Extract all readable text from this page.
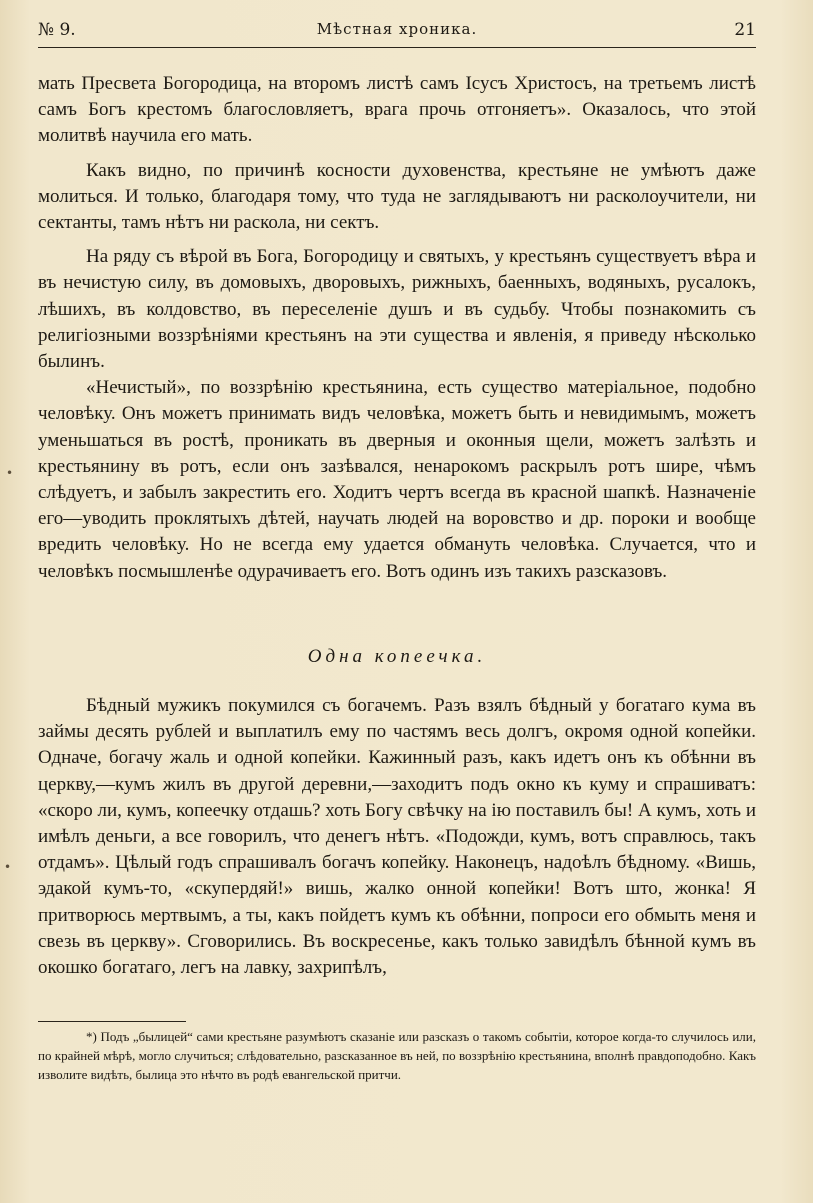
№ 9.	Мѣстная хроника.	21

мать Пресвета Богородица, на второмъ листѣ самъ Iсусъ Христосъ, на третьемъ листѣ самъ Богъ крестомъ благословляетъ, врага прочь отгоняетъ». Оказалось, что этой молитвѣ научила его мать.

Какъ видно, по причинѣ косности духовенства, крестьяне не умѣютъ даже молиться. И только, благодаря тому, что туда не заглядываютъ ни расколоучители, ни сектанты, тамъ нѣтъ ни раскола, ни сектъ.

На ряду съ вѣрой въ Бога, Богородицу и святыхъ, у крестьянъ существуетъ вѣра и въ нечистую силу, въ домовыхъ, дворовыхъ, рижныхъ, баенныхъ, водяныхъ, русалокъ, лѣшихъ, въ колдовство, въ переселеніе душъ и въ судьбу. Чтобы познакомить съ религіозными воззрѣніями крестьянъ на эти существа и явленія, я приведу нѣсколько былинъ.

«Нечистый», по воззрѣнію крестьянина, есть существо матеріальное, подобно человѣку. Онъ можетъ принимать видъ человѣка, можетъ быть и невидимымъ, можетъ уменьшаться въ ростѣ, проникать въ дверныя и оконныя щели, можетъ залѣзть и крестьянину въ ротъ, если онъ зазѣвался, ненарокомъ раскрылъ ротъ шире, чѣмъ слѣдуетъ, и забылъ закрестить его. Ходитъ чертъ всегда въ красной шапкѣ. Назначеніе его—уводить проклятыхъ дѣтей, научать людей на воровство и др. пороки и вообще вредить человѣку. Но не всегда ему удается обмануть человѣка. Случается, что и человѣкъ посмышленѣе одурачиваетъ его. Вотъ одинъ изъ такихъ разсказовъ.

Одна копеечка.
Бѣдный мужикъ покумился съ богачемъ. Разъ взялъ бѣдный у богатаго кума въ займы десять рублей и выплатилъ ему по частямъ весь долгъ, окромя одной копейки. Одначе, богачу жаль и одной копейки. Кажинный разъ, какъ идетъ онъ къ обѣнни въ церкву,—кумъ жилъ въ другой деревни,—заходитъ подъ окно къ куму и спрашиватъ: «скоро ли, кумъ, копеечку отдашь? хоть Богу свѣчку на iю поставилъ бы! А кумъ, хоть и имѣлъ деньги, а все говорилъ, что денегъ нѣтъ. «Подожди, кумъ, вотъ справлюсь, такъ отдамъ». Цѣлый годъ спрашивалъ богачъ копейку. Наконецъ, надоѣлъ бѣдному. «Вишь, эдакой кумъ-то, «скупердяй!» вишь, жалко онной копейки! Вотъ што, жонка! Я притворюсь мертвымъ, а ты, какъ пойдетъ кумъ къ обѣнни, попроси его обмыть меня и свезь въ церкву». Сговорились. Въ воскресенье, какъ только завидѣлъ бѣнной кумъ въ окошко богатаго, легъ на лавку, захрипѣлъ,
*) Подъ „былицей“ сами крестьяне разумѣютъ сказаніе или разсказъ о такомъ событіи, которое когда-то случилось или, по крайней мѣрѣ, могло случиться; слѣдовательно, разсказанное въ ней, по воззрѣнію крестьянина, вполнѣ правдоподобно. Какъ изволите видѣть, былица это нѣчто въ родѣ евангельской притчи.
•
•
